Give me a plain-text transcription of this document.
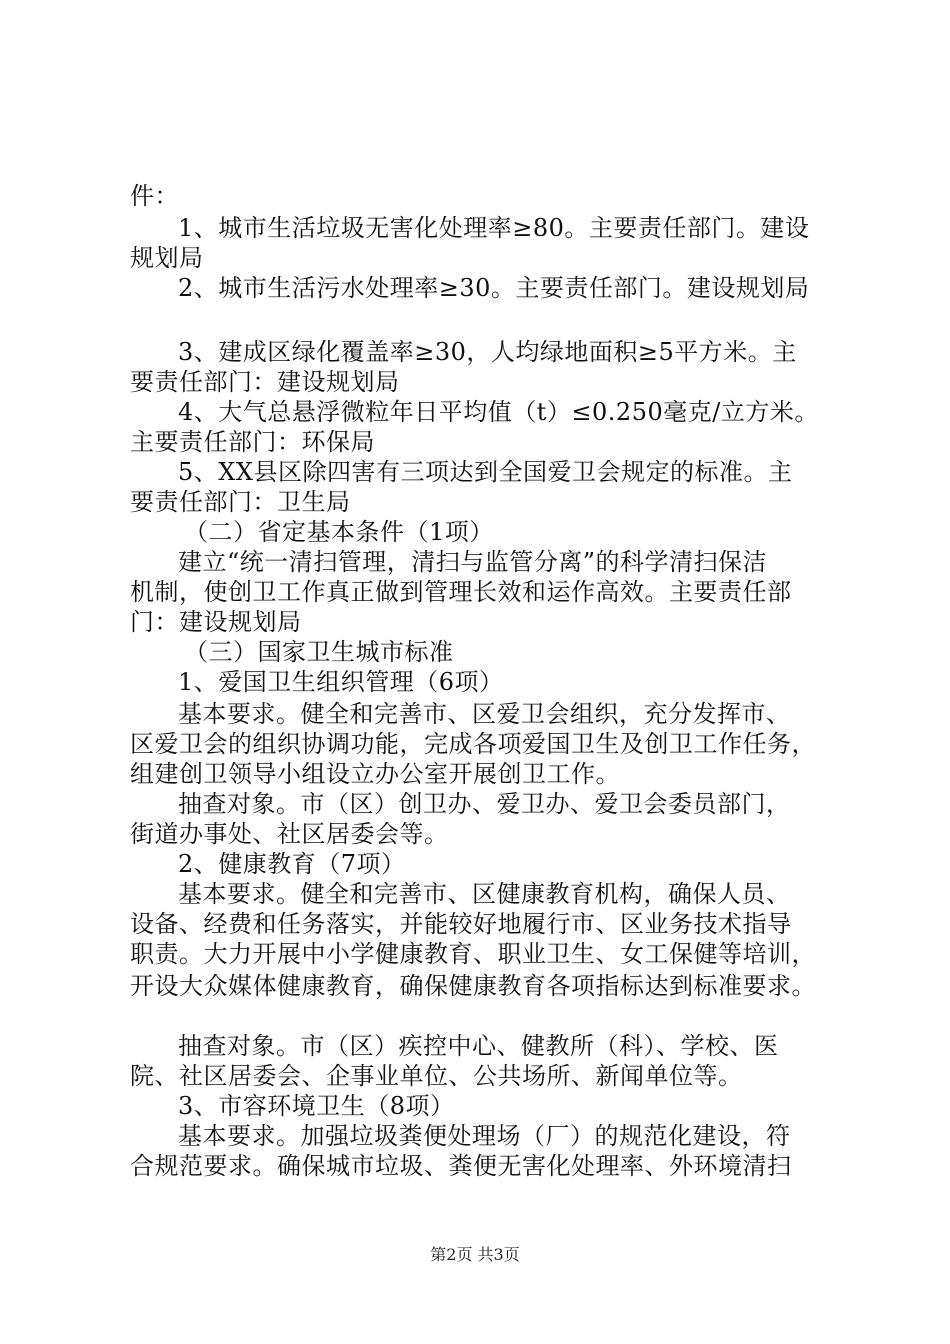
件：
1、城市生活垃圾无害化处理率≥80。主要责任部门。建设
规划局
2、城市生活污水处理率≥30。主要责任部门。建设规划局
3、建成区绿化覆盖率≥30，人均绿地面积≥5平方米。主
要责任部门：建设规划局
4、大气总悬浮微粒年日平均值（t）≤0.250毫克/立方米。
主要责任部门：环保局
5、XX县区除四害有三项达到全国爱卫会规定的标准。主
要责任部门：卫生局
（二）省定基本条件（1项）
建立“统一清扫管理，清扫与监管分离”的科学清扫保洁
机制，使创卫工作真正做到管理长效和运作高效。主要责任部
门：建设规划局
（三）国家卫生城市标准
1、爱国卫生组织管理（6项）
基本要求。健全和完善市、区爱卫会组织，充分发挥市、
区爱卫会的组织协调功能，完成各项爱国卫生及创卫工作任务，
组建创卫领导小组设立办公室开展创卫工作。
抽查对象。市（区）创卫办、爱卫办、爱卫会委员部门，
街道办事处、社区居委会等。
2、健康教育（7项）
基本要求。健全和完善市、区健康教育机构，确保人员、
设备、经费和任务落实，并能较好地履行市、区业务技术指导
职责。大力开展中小学健康教育、职业卫生、女工保健等培训，
开设大众媒体健康教育，确保健康教育各项指标达到标准要求。
抽查对象。市（区）疾控中心、健教所（科）、学校、医
院、社区居委会、企事业单位、公共场所、新闻单位等。
3、市容环境卫生（8项）
基本要求。加强垃圾粪便处理场（厂）的规范化建设，符
合规范要求。确保城市垃圾、粪便无害化处理率、外环境清扫
第2页 共3页
